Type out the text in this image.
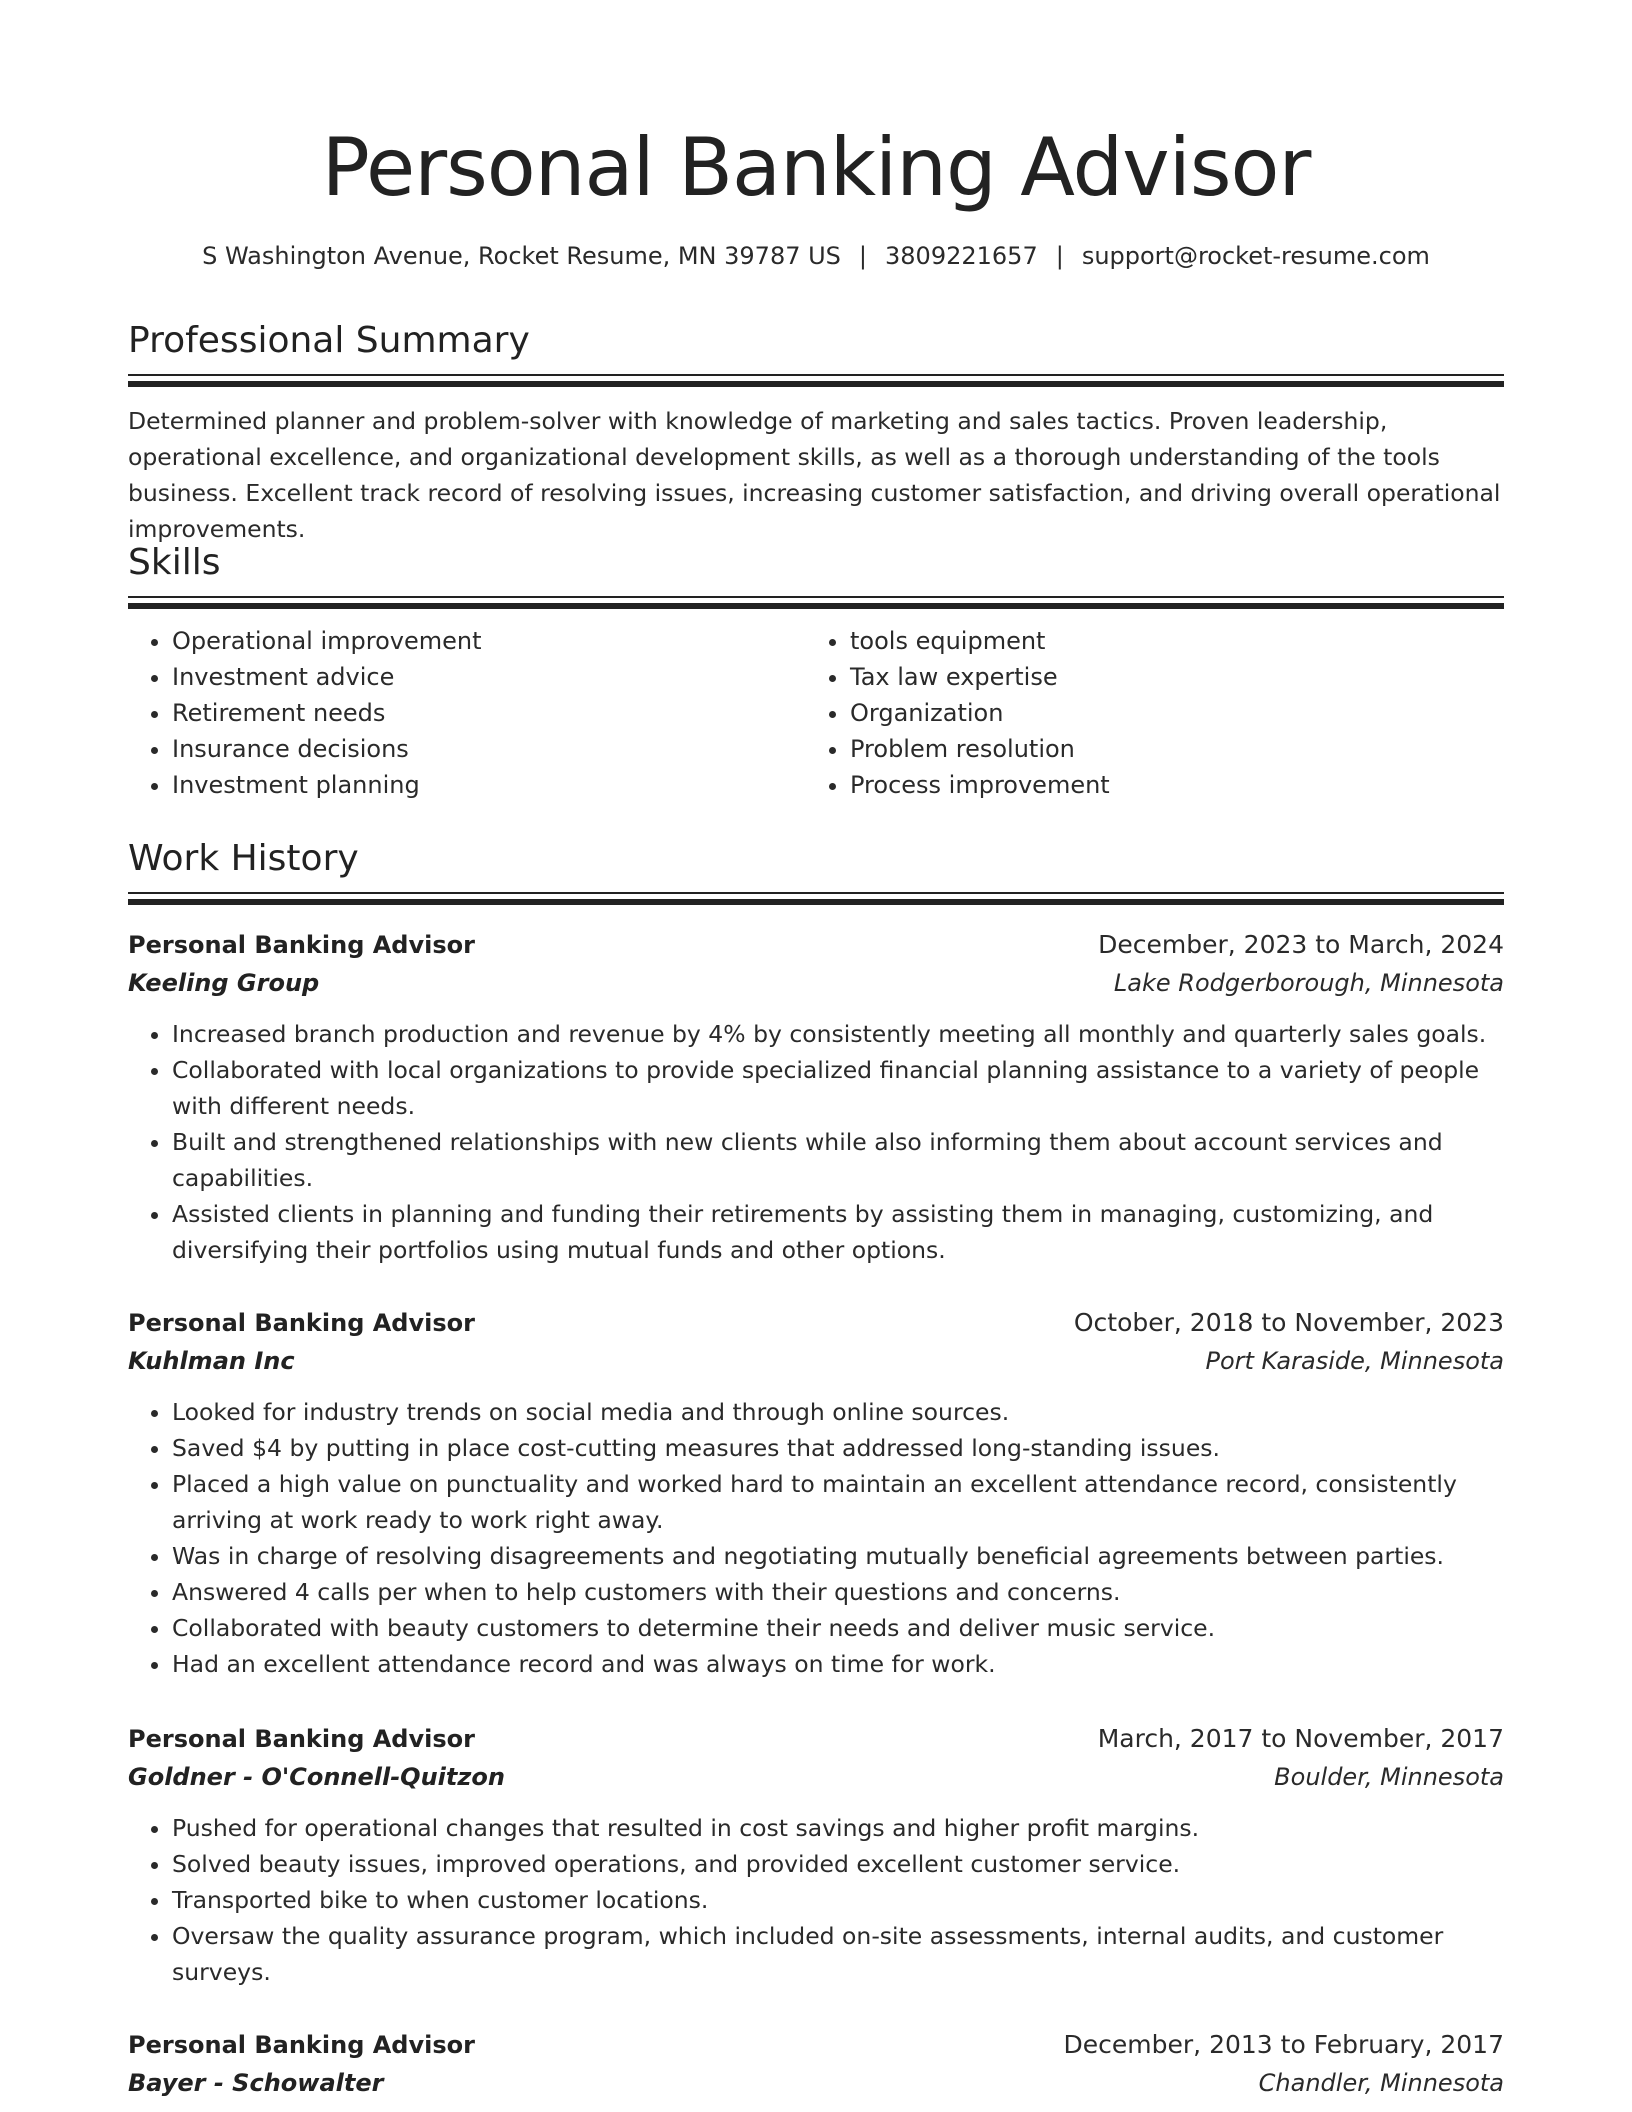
Personal Banking Advisor
S Washington Avenue, Rocket Resume, MN 39787 US | 3809221657 | support@rocket-resume.com
Professional Summary
Determined planner and problem-solver with knowledge of marketing and sales tactics. Proven leadership, operational excellence, and organizational development skills, as well as a thorough understanding of the tools business. Excellent track record of resolving issues, increasing customer satisfaction, and driving overall operational improvements.
Skills
• Operational improvement
• Investment advice
• Retirement needs
• Insurance decisions
• Investment planning
• tools equipment
• Tax law expertise
• Organization
• Problem resolution
• Process improvement
Work History
Personal Banking Advisor	December, 2023 to March, 2024
Keeling Group	Lake Rodgerborough, Minnesota
• Increased branch production and revenue by 4% by consistently meeting all monthly and quarterly sales goals.
• Collaborated with local organizations to provide specialized financial planning assistance to a variety of people with different needs.
• Built and strengthened relationships with new clients while also informing them about account services and capabilities.
• Assisted clients in planning and funding their retirements by assisting them in managing, customizing, and diversifying their portfolios using mutual funds and other options.
Personal Banking Advisor	October, 2018 to November, 2023
Kuhlman Inc	Port Karaside, Minnesota
• Looked for industry trends on social media and through online sources.
• Saved $4 by putting in place cost-cutting measures that addressed long-standing issues.
• Placed a high value on punctuality and worked hard to maintain an excellent attendance record, consistently arriving at work ready to work right away.
• Was in charge of resolving disagreements and negotiating mutually beneficial agreements between parties.
• Answered 4 calls per when to help customers with their questions and concerns.
• Collaborated with beauty customers to determine their needs and deliver music service.
• Had an excellent attendance record and was always on time for work.
Personal Banking Advisor	March, 2017 to November, 2017
Goldner - O'Connell-Quitzon	Boulder, Minnesota
• Pushed for operational changes that resulted in cost savings and higher profit margins.
• Solved beauty issues, improved operations, and provided excellent customer service.
• Transported bike to when customer locations.
• Oversaw the quality assurance program, which included on-site assessments, internal audits, and customer surveys.
Personal Banking Advisor	December, 2013 to February, 2017
Bayer - Schowalter	Chandler, Minnesota
